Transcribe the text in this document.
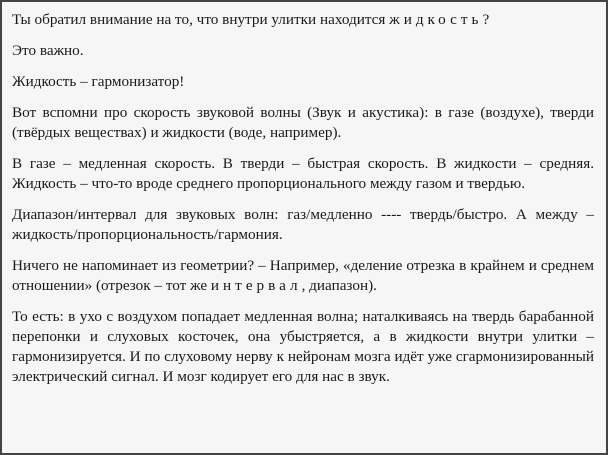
Ты обратил внимание на то, что внутри улитки находится жидкость?

Это важно.

Жидкость – гармонизатор!

Вот вспомни про скорость звуковой волны (Звук и акустика): в газе (воздухе), тверди (твёрдых веществах) и жидкости (воде, например).

В газе – медленная скорость. В тверди – быстрая скорость. В жидкости – средняя. Жидкость – что-то вроде среднего пропорционального между газом и твердью.

Диапазон/интервал для звуковых волн: газ/медленно ---- твердь/быстро. А между – жидкость/пропорциональность/гармония.

Ничего не напоминает из геометрии? – Например, «деление отрезка в крайнем и среднем отношении» (отрезок – тот же интервал, диапазон).

То есть: в ухо с воздухом попадает медленная волна; наталкиваясь на твердь барабанной перепонки и слуховых косточек, она убыстряется, а в жидкости внутри улитки – гармонизируется. И по слуховому нерву к нейронам мозга идёт уже сгармонизированный электрический сигнал. И мозг кодирует его для нас в звук.
